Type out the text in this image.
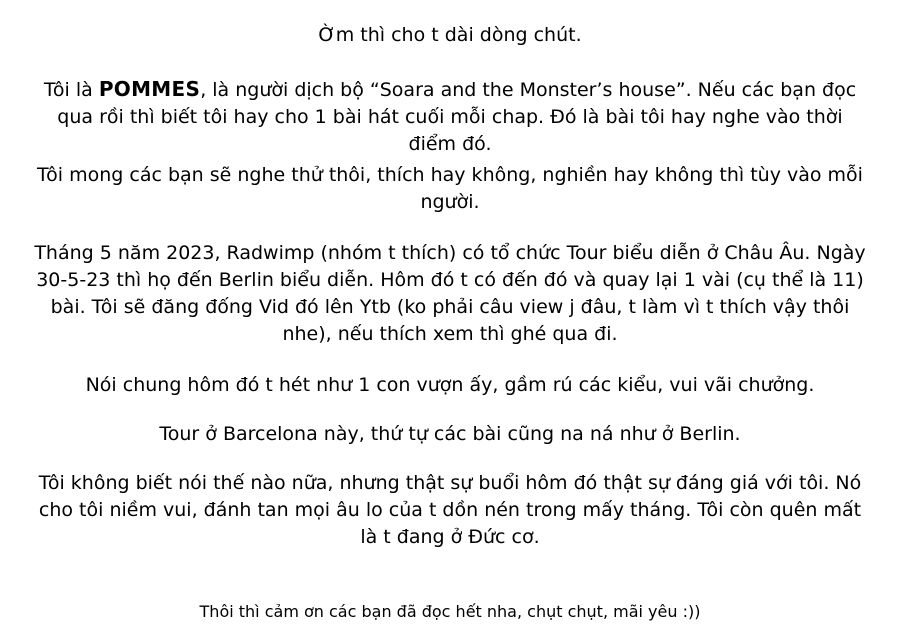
Ờm thì cho t dài dòng chút.
Tôi là POMMES, là người dịch bộ “Soara and the Monster’s house”. Nếu các bạn đọc qua rồi thì biết tôi hay cho 1 bài hát cuối mỗi chap. Đó là bài tôi hay nghe vào thời điểm đó.
Tôi mong các bạn sẽ nghe thử thôi, thích hay không, nghiền hay không thì tùy vào mỗi người.
Tháng 5 năm 2023, Radwimp (nhóm t thích) có tổ chức Tour biểu diễn ở Châu Âu. Ngày 30-5-23 thì họ đến Berlin biểu diễn. Hôm đó t có đến đó và quay lại 1 vài (cụ thể là 11) bài. Tôi sẽ đăng đống Vid đó lên Ytb (ko phải câu view j đâu, t làm vì t thích vậy thôi nhe), nếu thích xem thì ghé qua đi.
Nói chung hôm đó t hét như 1 con vượn ấy, gầm rú các kiểu, vui vãi chưởng.
Tour ở Barcelona này, thứ tự các bài cũng na ná như ở Berlin.
Tôi không biết nói thế nào nữa, nhưng thật sự buổi hôm đó thật sự đáng giá với tôi. Nó cho tôi niềm vui, đánh tan mọi âu lo của t dồn nén trong mấy tháng. Tôi còn quên mất là t đang ở Đức cơ.
Thôi thì cảm ơn các bạn đã đọc hết nha, chụt chụt, mãi yêu :))
